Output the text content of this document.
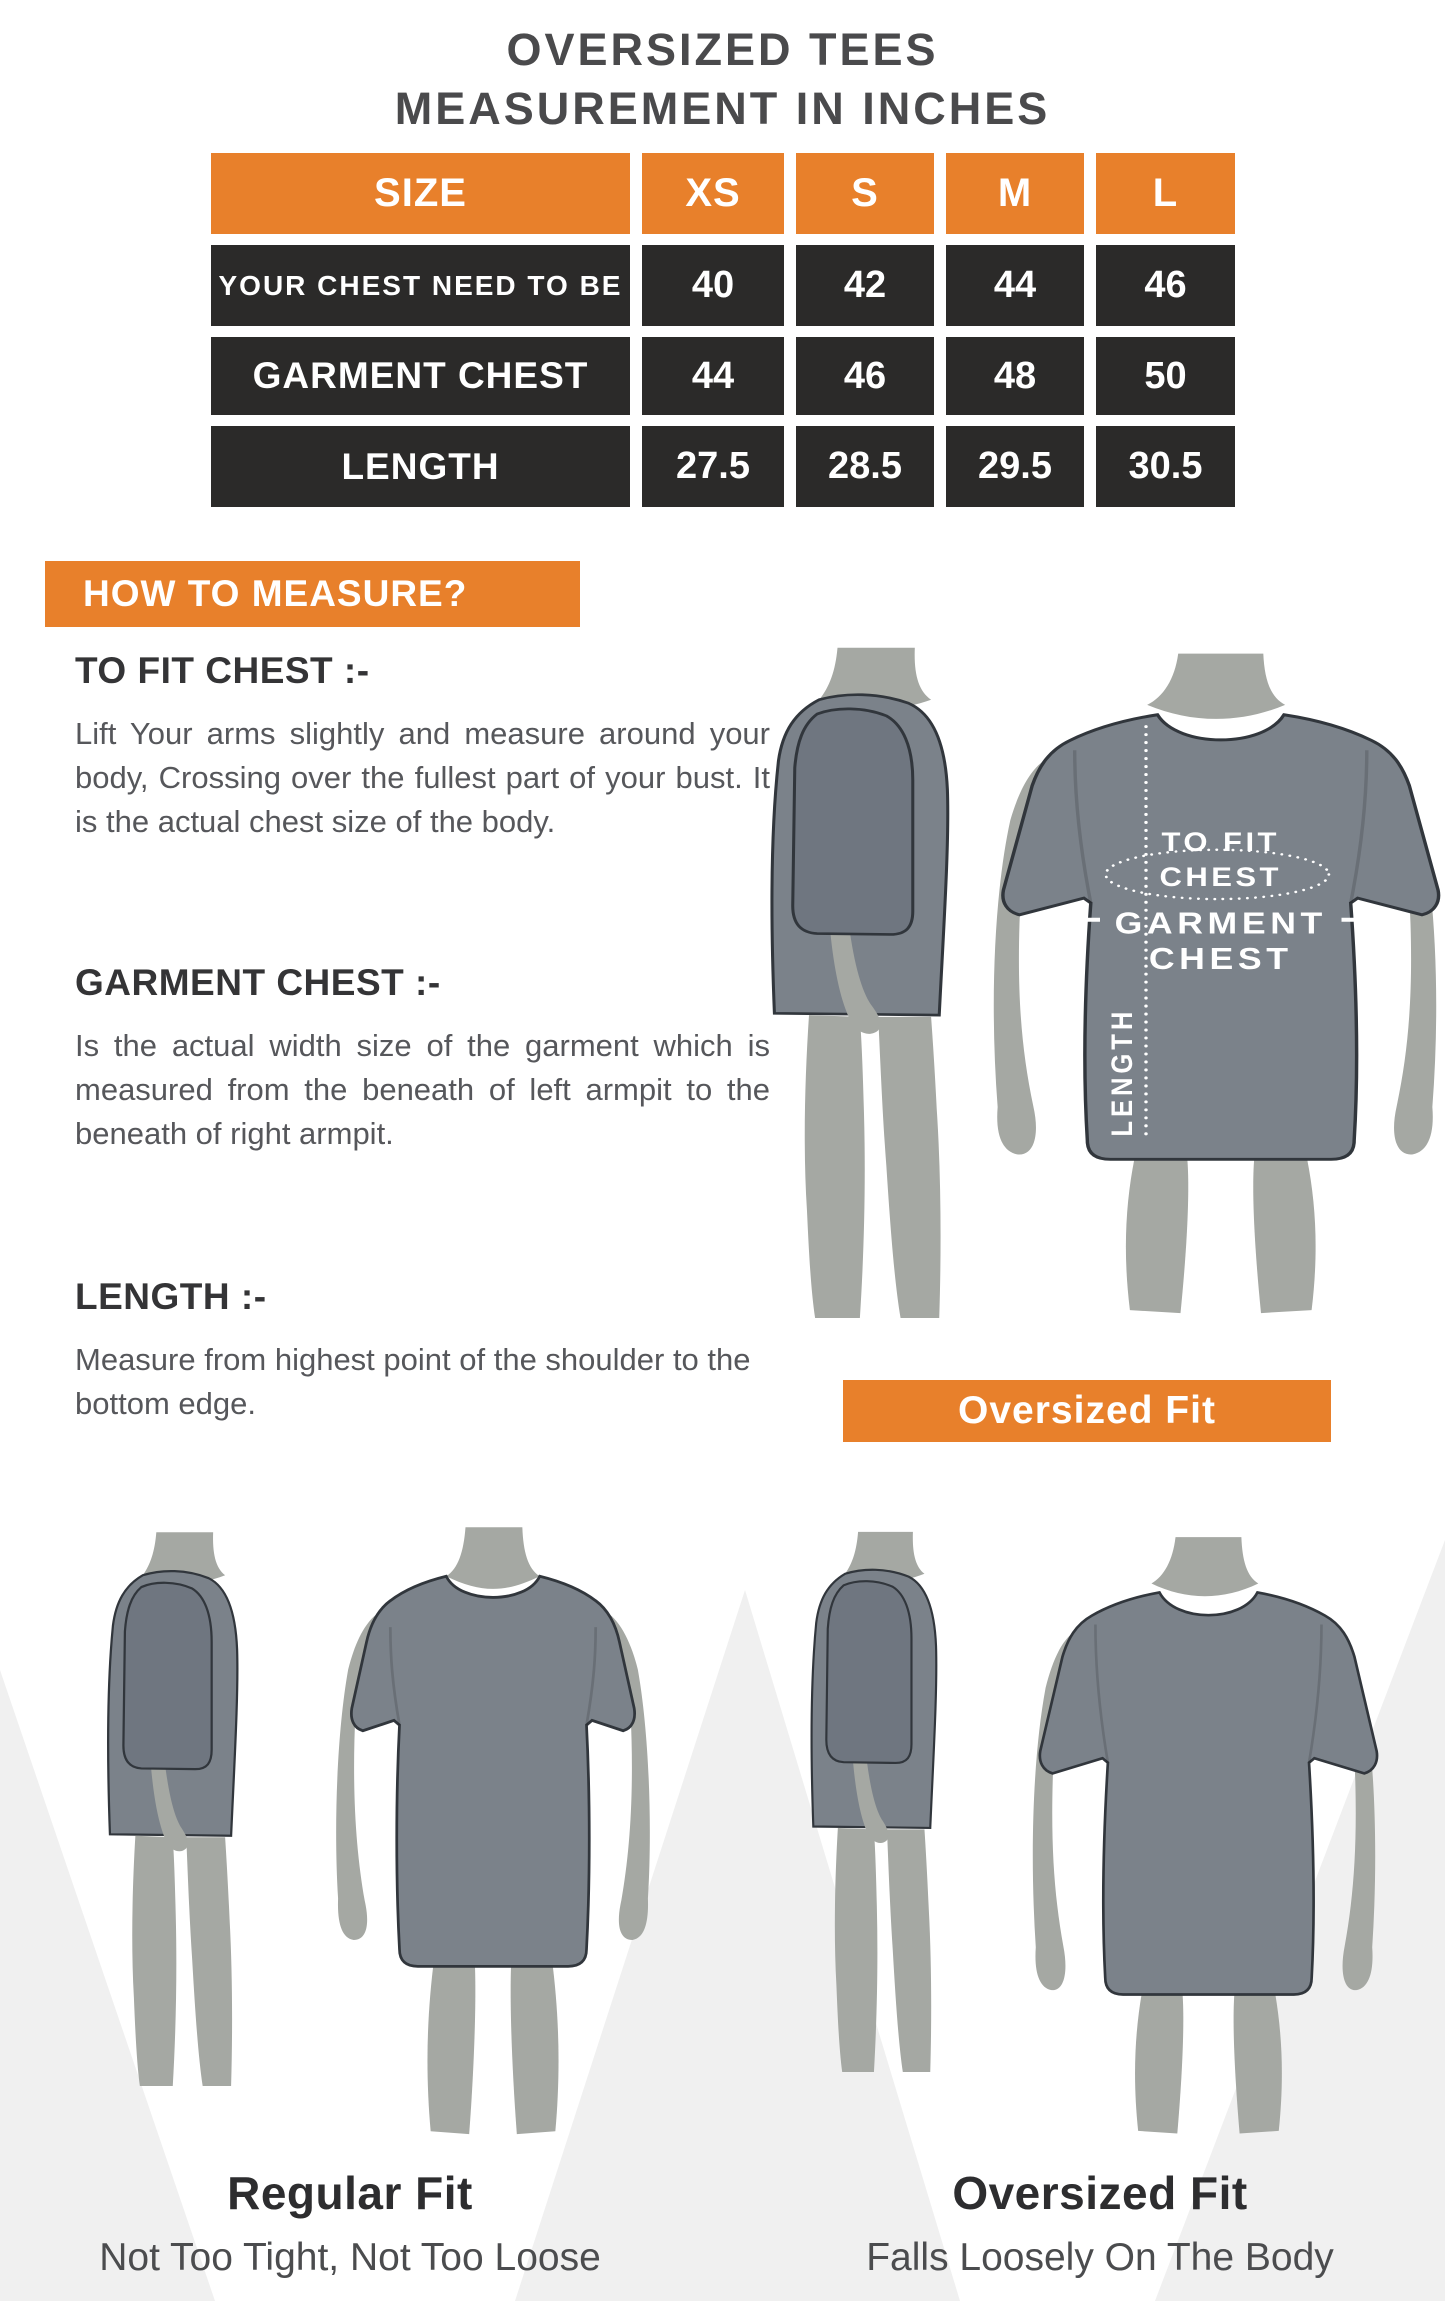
OVERSIZED TEES
MEASUREMENT IN INCHES
SIZE	XS	S	M	L
YOUR CHEST NEED TO BE	40	42	44	46
GARMENT CHEST	44	46	48	50
LENGTH	27.5	28.5	29.5	30.5
HOW TO MEASURE?
TO FIT CHEST :-
Lift Your arms slightly and measure around your body, Crossing over the fullest part of your bust. It is the actual chest size of the body.
GARMENT CHEST :-
Is the actual width size of the garment which is measured from the beneath of left armpit to the beneath of right armpit.
LENGTH :-
Measure from highest point of the shoulder to the bottom edge.
TO FIT
CHEST
GARMENT
CHEST
LENGTH
Oversized Fit
Regular Fit
Not Too Tight, Not Too Loose
Oversized Fit
Falls Loosely On The Body
